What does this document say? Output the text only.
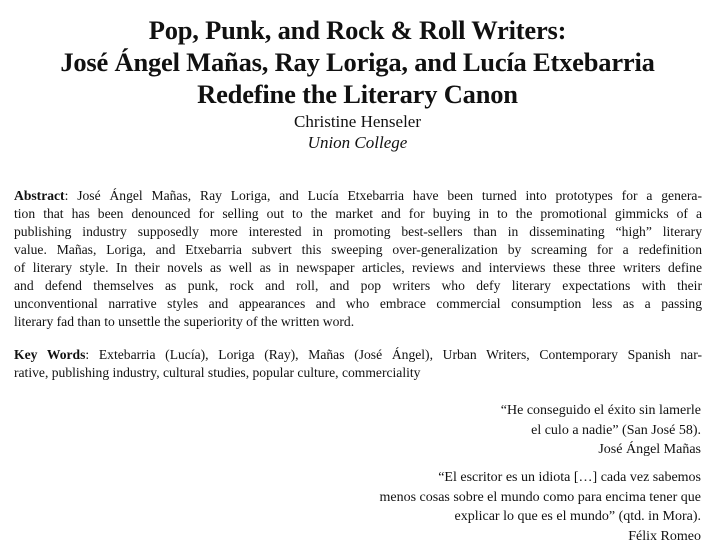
Pop, Punk, and Rock & Roll Writers:
José Ángel Mañas, Ray Loriga, and Lucía Etxebarria
Redefine the Literary Canon
Christine Henseler
Union College
Abstract: José Ángel Mañas, Ray Loriga, and Lucía Etxebarria have been turned into prototypes for a genera-
tion that has been denounced for selling out to the market and for buying in to the promotional gimmicks of a
publishing industry supposedly more interested in promoting best-sellers than in disseminating “high” literary
value. Mañas, Loriga, and Etxebarria subvert this sweeping over-generalization by screaming for a redefinition
of literary style. In their novels as well as in newspaper articles, reviews and interviews these three writers define
and defend themselves as punk, rock and roll, and pop writers who defy literary expectations with their
unconventional narrative styles and appearances and who embrace commercial consumption less as a passing
literary fad than to unsettle the superiority of the written word.
Key Words: Extebarria (Lucía), Loriga (Ray), Mañas (José Ángel), Urban Writers, Contemporary Spanish nar-
rative, publishing industry, cultural studies, popular culture, commerciality
“He conseguido el éxito sin lamerle
el culo a nadie” (San José 58).
José Ángel Mañas
“El escritor es un idiota […] cada vez sabemos
menos cosas sobre el mundo como para encima tener que
explicar lo que es el mundo” (qtd. in Mora).
Félix Romeo
